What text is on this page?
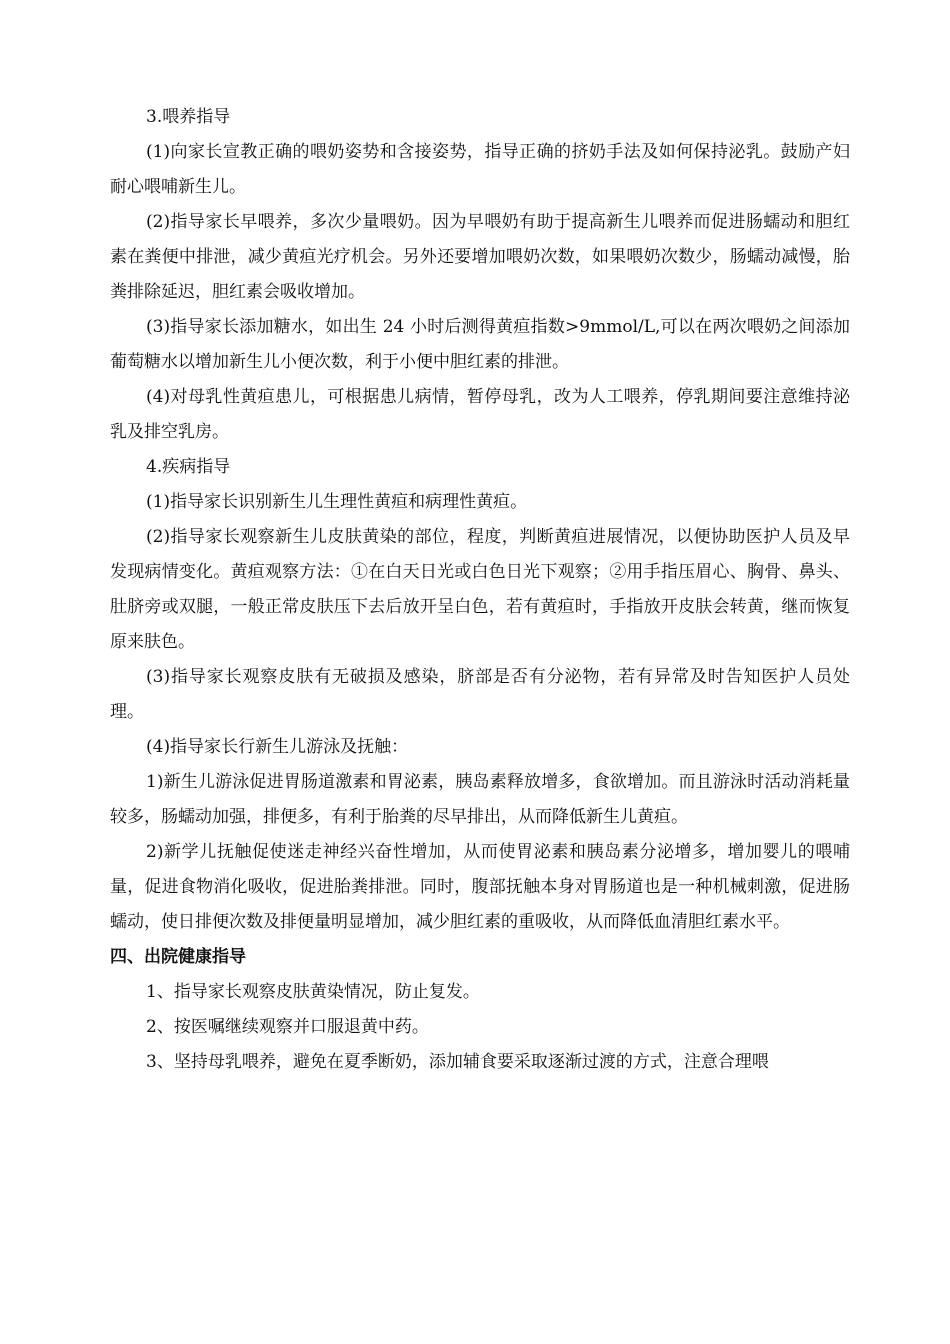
3.喂养指导

(1)向家长宣教正确的喂奶姿势和含接姿势，指导正确的挤奶手法及如何保持泌乳。鼓励产妇耐心喂哺新生儿。

(2)指导家长早喂养，多次少量喂奶。因为早喂奶有助于提高新生儿喂养而促进肠蠕动和胆红素在粪便中排泄，减少黄疸光疗机会。另外还要增加喂奶次数，如果喂奶次数少，肠蠕动减慢，胎粪排除延迟，胆红素会吸收增加。

(3)指导家长添加糖水，如出生 24 小时后测得黄疸指数>9mmol/L,可以在两次喂奶之间添加葡萄糖水以增加新生儿小便次数，利于小便中胆红素的排泄。

(4)对母乳性黄疸患儿，可根据患儿病情，暂停母乳，改为人工喂养，停乳期间要注意维持泌乳及排空乳房。

4.疾病指导

(1)指导家长识别新生儿生理性黄疸和病理性黄疸。

(2)指导家长观察新生儿皮肤黄染的部位，程度，判断黄疸进展情况，以便协助医护人员及早发现病情变化。黄疸观察方法：①在白天日光或白色日光下观察；②用手指压眉心、胸骨、鼻头、肚脐旁或双腿，一般正常皮肤压下去后放开呈白色，若有黄疸时，手指放开皮肤会转黄，继而恢复原来肤色。

(3)指导家长观察皮肤有无破损及感染，脐部是否有分泌物，若有异常及时告知医护人员处理。

(4)指导家长行新生儿游泳及抚触：

1)新生儿游泳促进胃肠道激素和胃泌素，胰岛素释放增多，食欲增加。而且游泳时活动消耗量较多，肠蠕动加强，排便多，有利于胎粪的尽早排出，从而降低新生儿黄疸。

2)新学儿抚触促使迷走神经兴奋性增加，从而使胃泌素和胰岛素分泌增多，增加婴儿的喂哺量，促进食物消化吸收，促进胎粪排泄。同时，腹部抚触本身对胃肠道也是一种机械刺激，促进肠蠕动，使日排便次数及排便量明显增加，减少胆红素的重吸收，从而降低血清胆红素水平。

四、出院健康指导

1、指导家长观察皮肤黄染情况，防止复发。

2、按医嘱继续观察并口服退黄中药。

3、坚持母乳喂养，避免在夏季断奶，添加辅食要采取逐渐过渡的方式，注意合理喂
